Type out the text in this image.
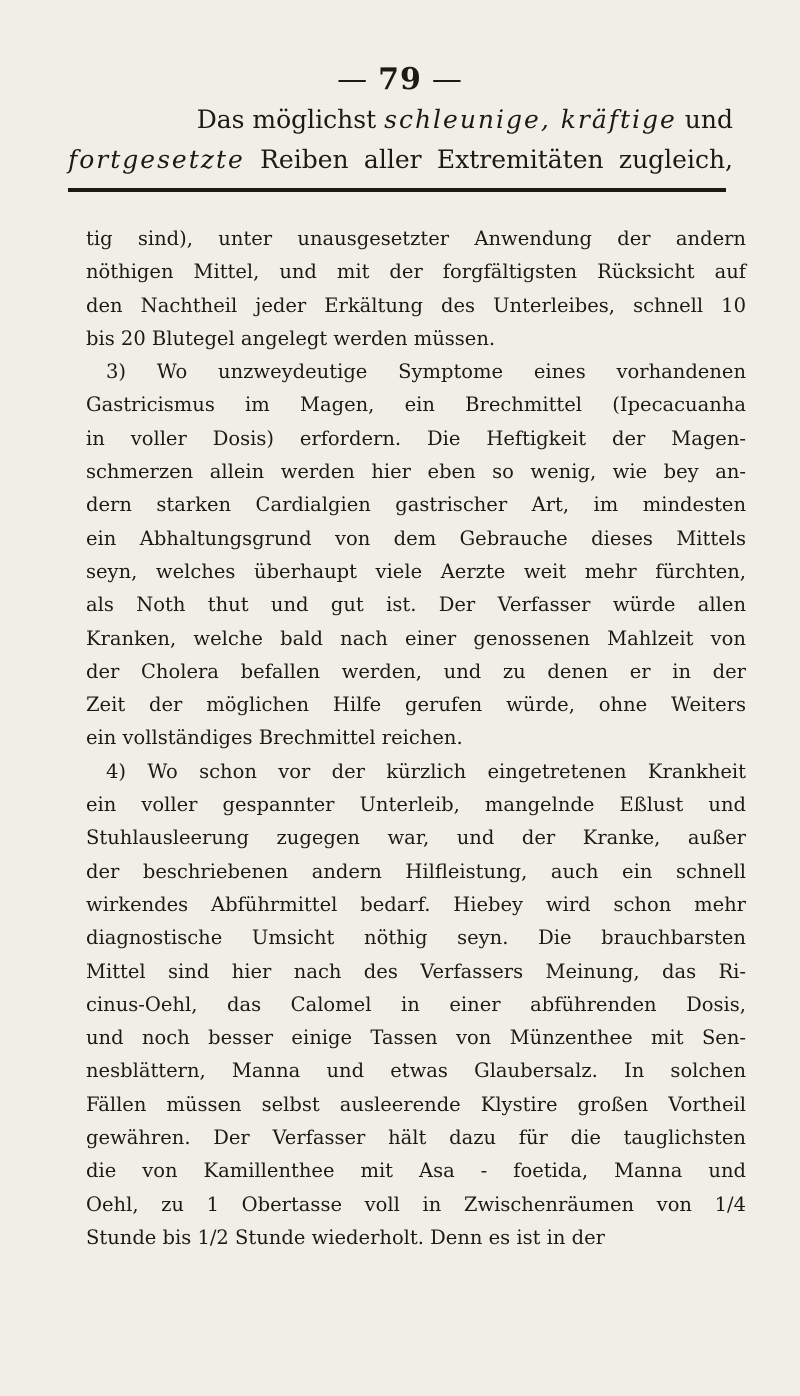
— 79 —
Das möglichst schleunige, kräftige und
fortgesetzte Reiben aller Extremitäten zugleich,
tig sind), unter unausgesetzter Anwendung der andern
nöthigen Mittel, und mit der forgfältigsten Rücksicht auf
den Nachtheil jeder Erkältung des Unterleibes, schnell 10
bis 20 Blutegel angelegt werden müssen.
3) Wo unzweydeutige Symptome eines vorhandenen
Gastricismus im Magen, ein Brechmittel (Ipecacuanha
in voller Dosis) erfordern. Die Heftigkeit der Magen-
schmerzen allein werden hier eben so wenig, wie bey an-
dern starken Cardialgien gastrischer Art, im mindesten
ein Abhaltungsgrund von dem Gebrauche dieses Mittels
seyn, welches überhaupt viele Aerzte weit mehr fürchten,
als Noth thut und gut ist. Der Verfasser würde allen
Kranken, welche bald nach einer genossenen Mahlzeit von
der Cholera befallen werden, und zu denen er in der
Zeit der möglichen Hilfe gerufen würde, ohne Weiters
ein vollständiges Brechmittel reichen.
4) Wo schon vor der kürzlich eingetretenen Krankheit
ein voller gespannter Unterleib, mangelnde Eßlust und
Stuhlausleerung zugegen war, und der Kranke, außer
der beschriebenen andern Hilfleistung, auch ein schnell
wirkendes Abführmittel bedarf. Hiebey wird schon mehr
diagnostische Umsicht nöthig seyn. Die brauchbarsten
Mittel sind hier nach des Verfassers Meinung, das Ri-
cinus-Oehl, das Calomel in einer abführenden Dosis,
und noch besser einige Tassen von Münzenthee mit Sen-
nesblättern, Manna und etwas Glaubersalz. In solchen
Fällen müssen selbst ausleerende Klystire großen Vortheil
gewähren. Der Verfasser hält dazu für die tauglichsten
die von Kamillenthee mit Asa - foetida, Manna und
Oehl, zu 1 Obertasse voll in Zwischenräumen von 1/4
Stunde bis 1/2 Stunde wiederholt. Denn es ist in der
